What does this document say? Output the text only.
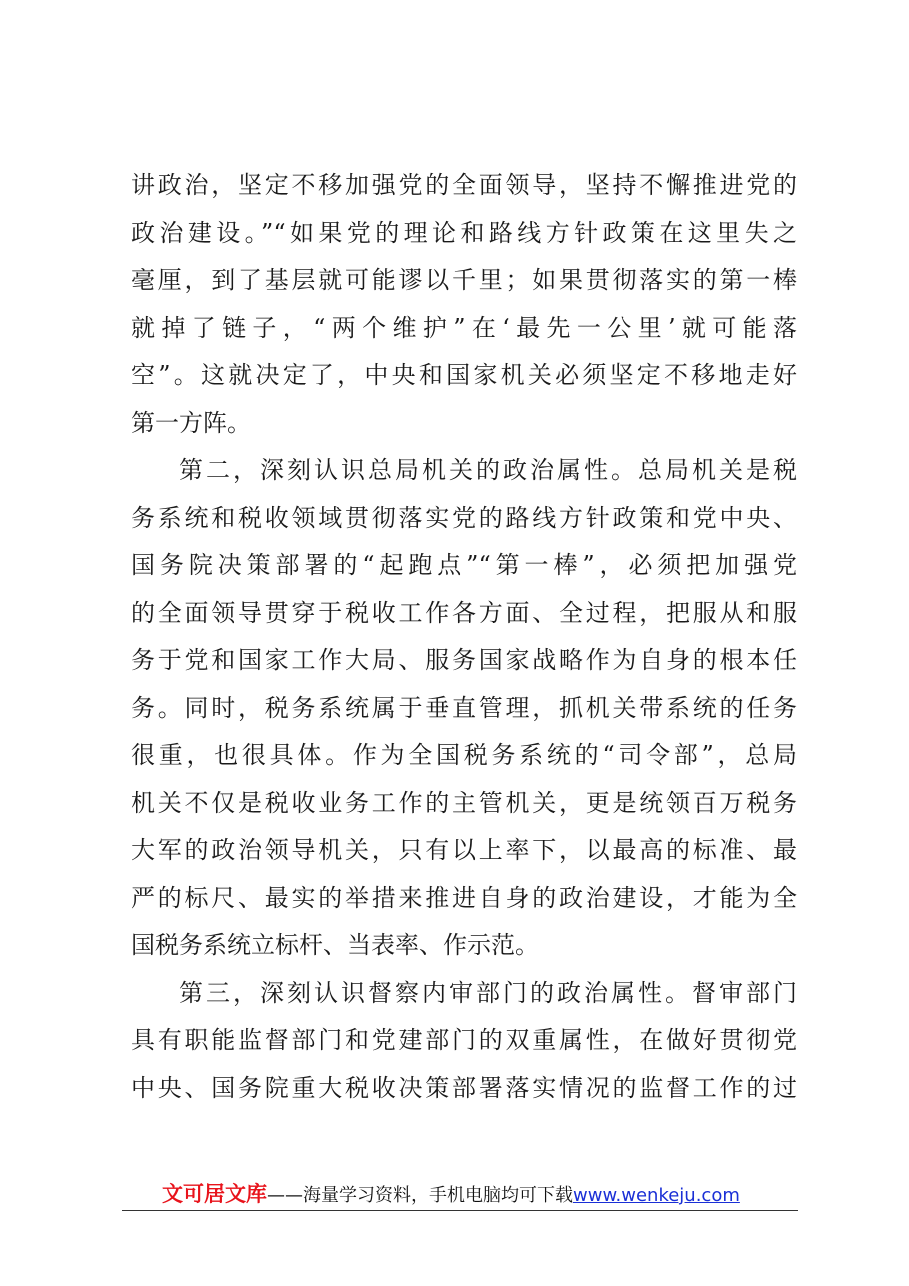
讲政治，坚定不移加强党的全面领导，坚持不懈推进党的
政治建设。”“如果党的理论和路线方针政策在这里失之
毫厘，到了基层就可能谬以千里；如果贯彻落实的第一棒
就掉了链子，“两个维护”在‘最先一公里’就可能落
空”。这就决定了，中央和国家机关必须坚定不移地走好
第一方阵。
第二，深刻认识总局机关的政治属性。总局机关是税
务系统和税收领域贯彻落实党的路线方针政策和党中央、
国务院决策部署的“起跑点”“第一棒”，必须把加强党
的全面领导贯穿于税收工作各方面、全过程，把服从和服
务于党和国家工作大局、服务国家战略作为自身的根本任
务。同时，税务系统属于垂直管理，抓机关带系统的任务
很重，也很具体。作为全国税务系统的“司令部”，总局
机关不仅是税收业务工作的主管机关，更是统领百万税务
大军的政治领导机关，只有以上率下，以最高的标准、最
严的标尺、最实的举措来推进自身的政治建设，才能为全
国税务系统立标杆、当表率、作示范。
第三，深刻认识督察内审部门的政治属性。督审部门
具有职能监督部门和党建部门的双重属性，在做好贯彻党
中央、国务院重大税收决策部署落实情况的监督工作的过
文可居文库——海量学习资料，手机电脑均可下载www.wenkeju.com
